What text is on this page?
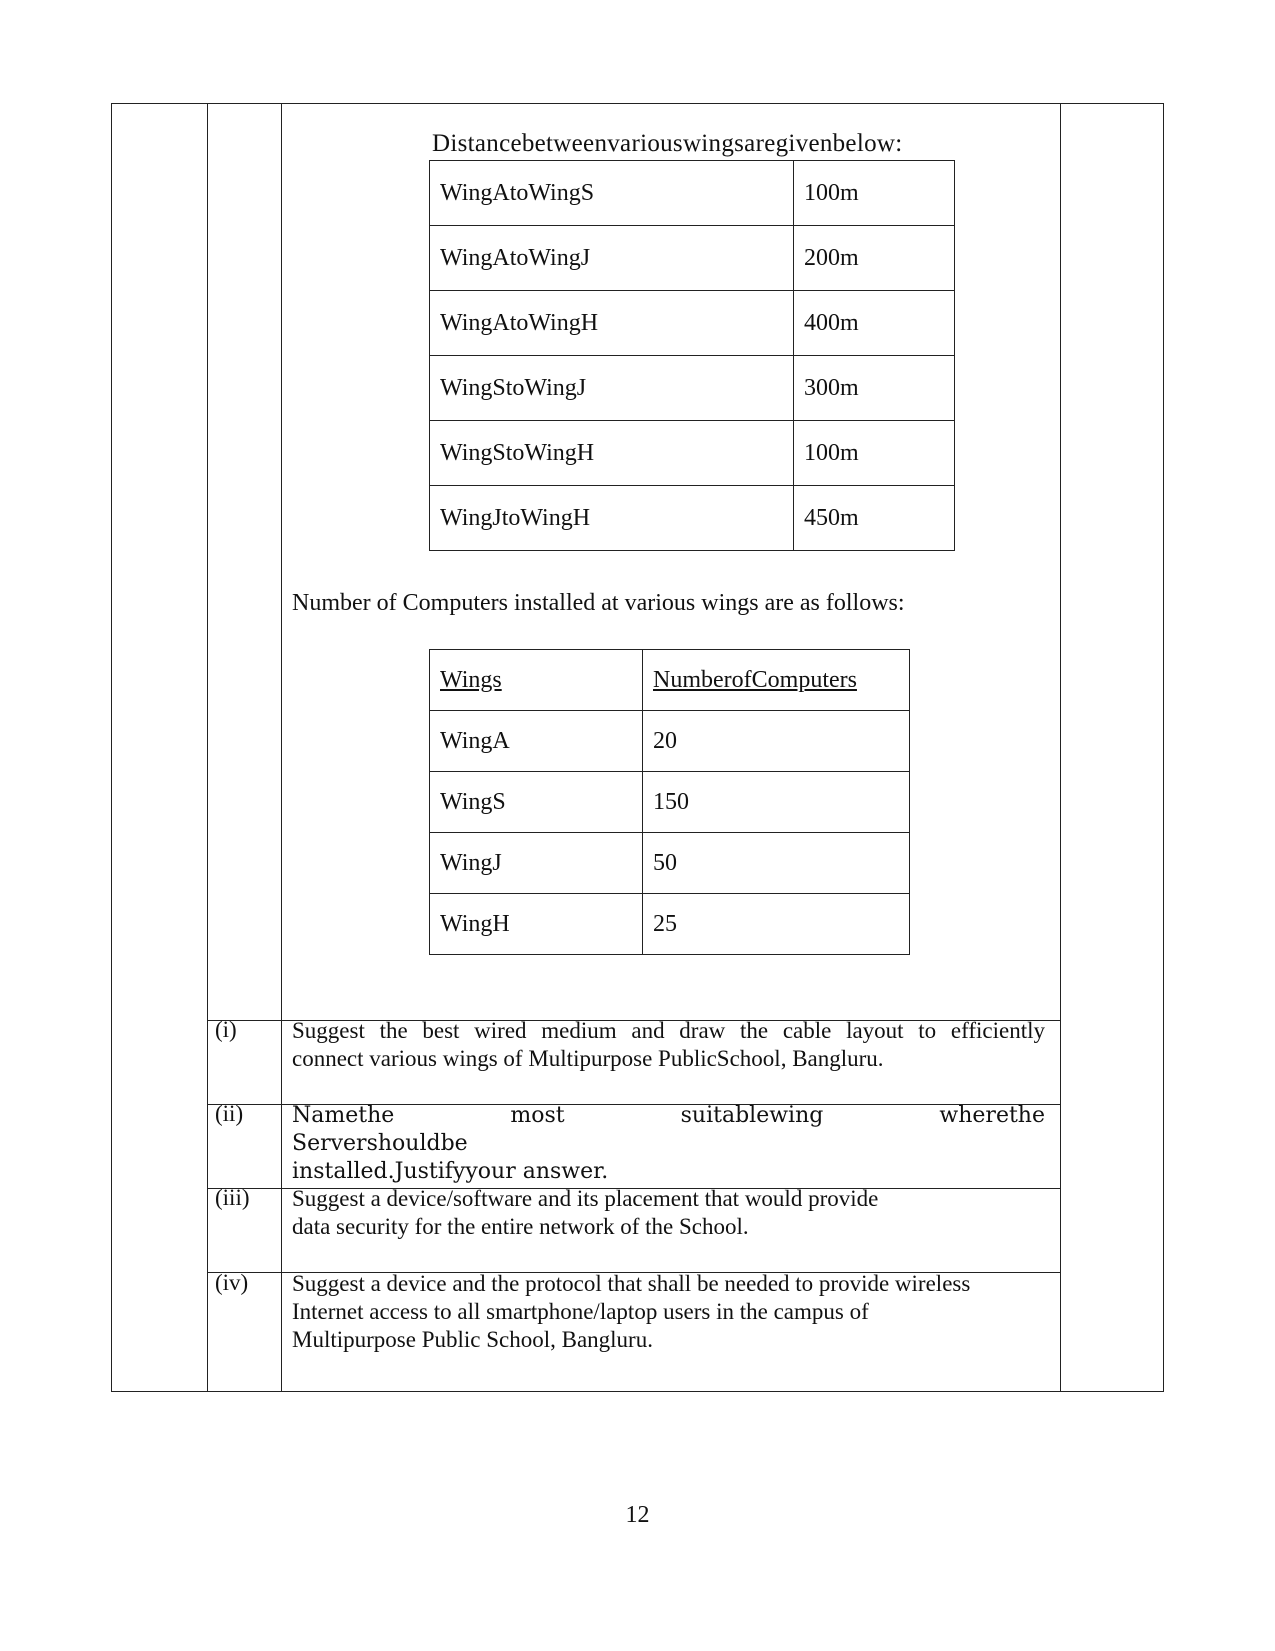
Distancebetweenvariouswingsaregivenbelow:
WingAtoWingS	100m
WingAtoWingJ	200m
WingAtoWingH	400m
WingStoWingJ	300m
WingStoWingH	100m
WingJtoWingH	450m
Number of Computers installed at various wings are as follows:
Wings	NumberofComputers
WingA	20
WingS	150
WingJ	50
WingH	25
(i) Suggest the best wired medium and draw the cable layout to efficiently
connect various wings of Multipurpose PublicSchool, Bangluru.
(ii) Namethe most suitablewing wherethe Servershouldbe
installed.Justifyyour answer.
(iii) Suggest a device/software and its placement that would provide
data security for the entire network of the School.
(iv) Suggest a device and the protocol that shall be needed to provide wireless
Internet access to all smartphone/laptop users in the campus of
Multipurpose Public School, Bangluru.
12
